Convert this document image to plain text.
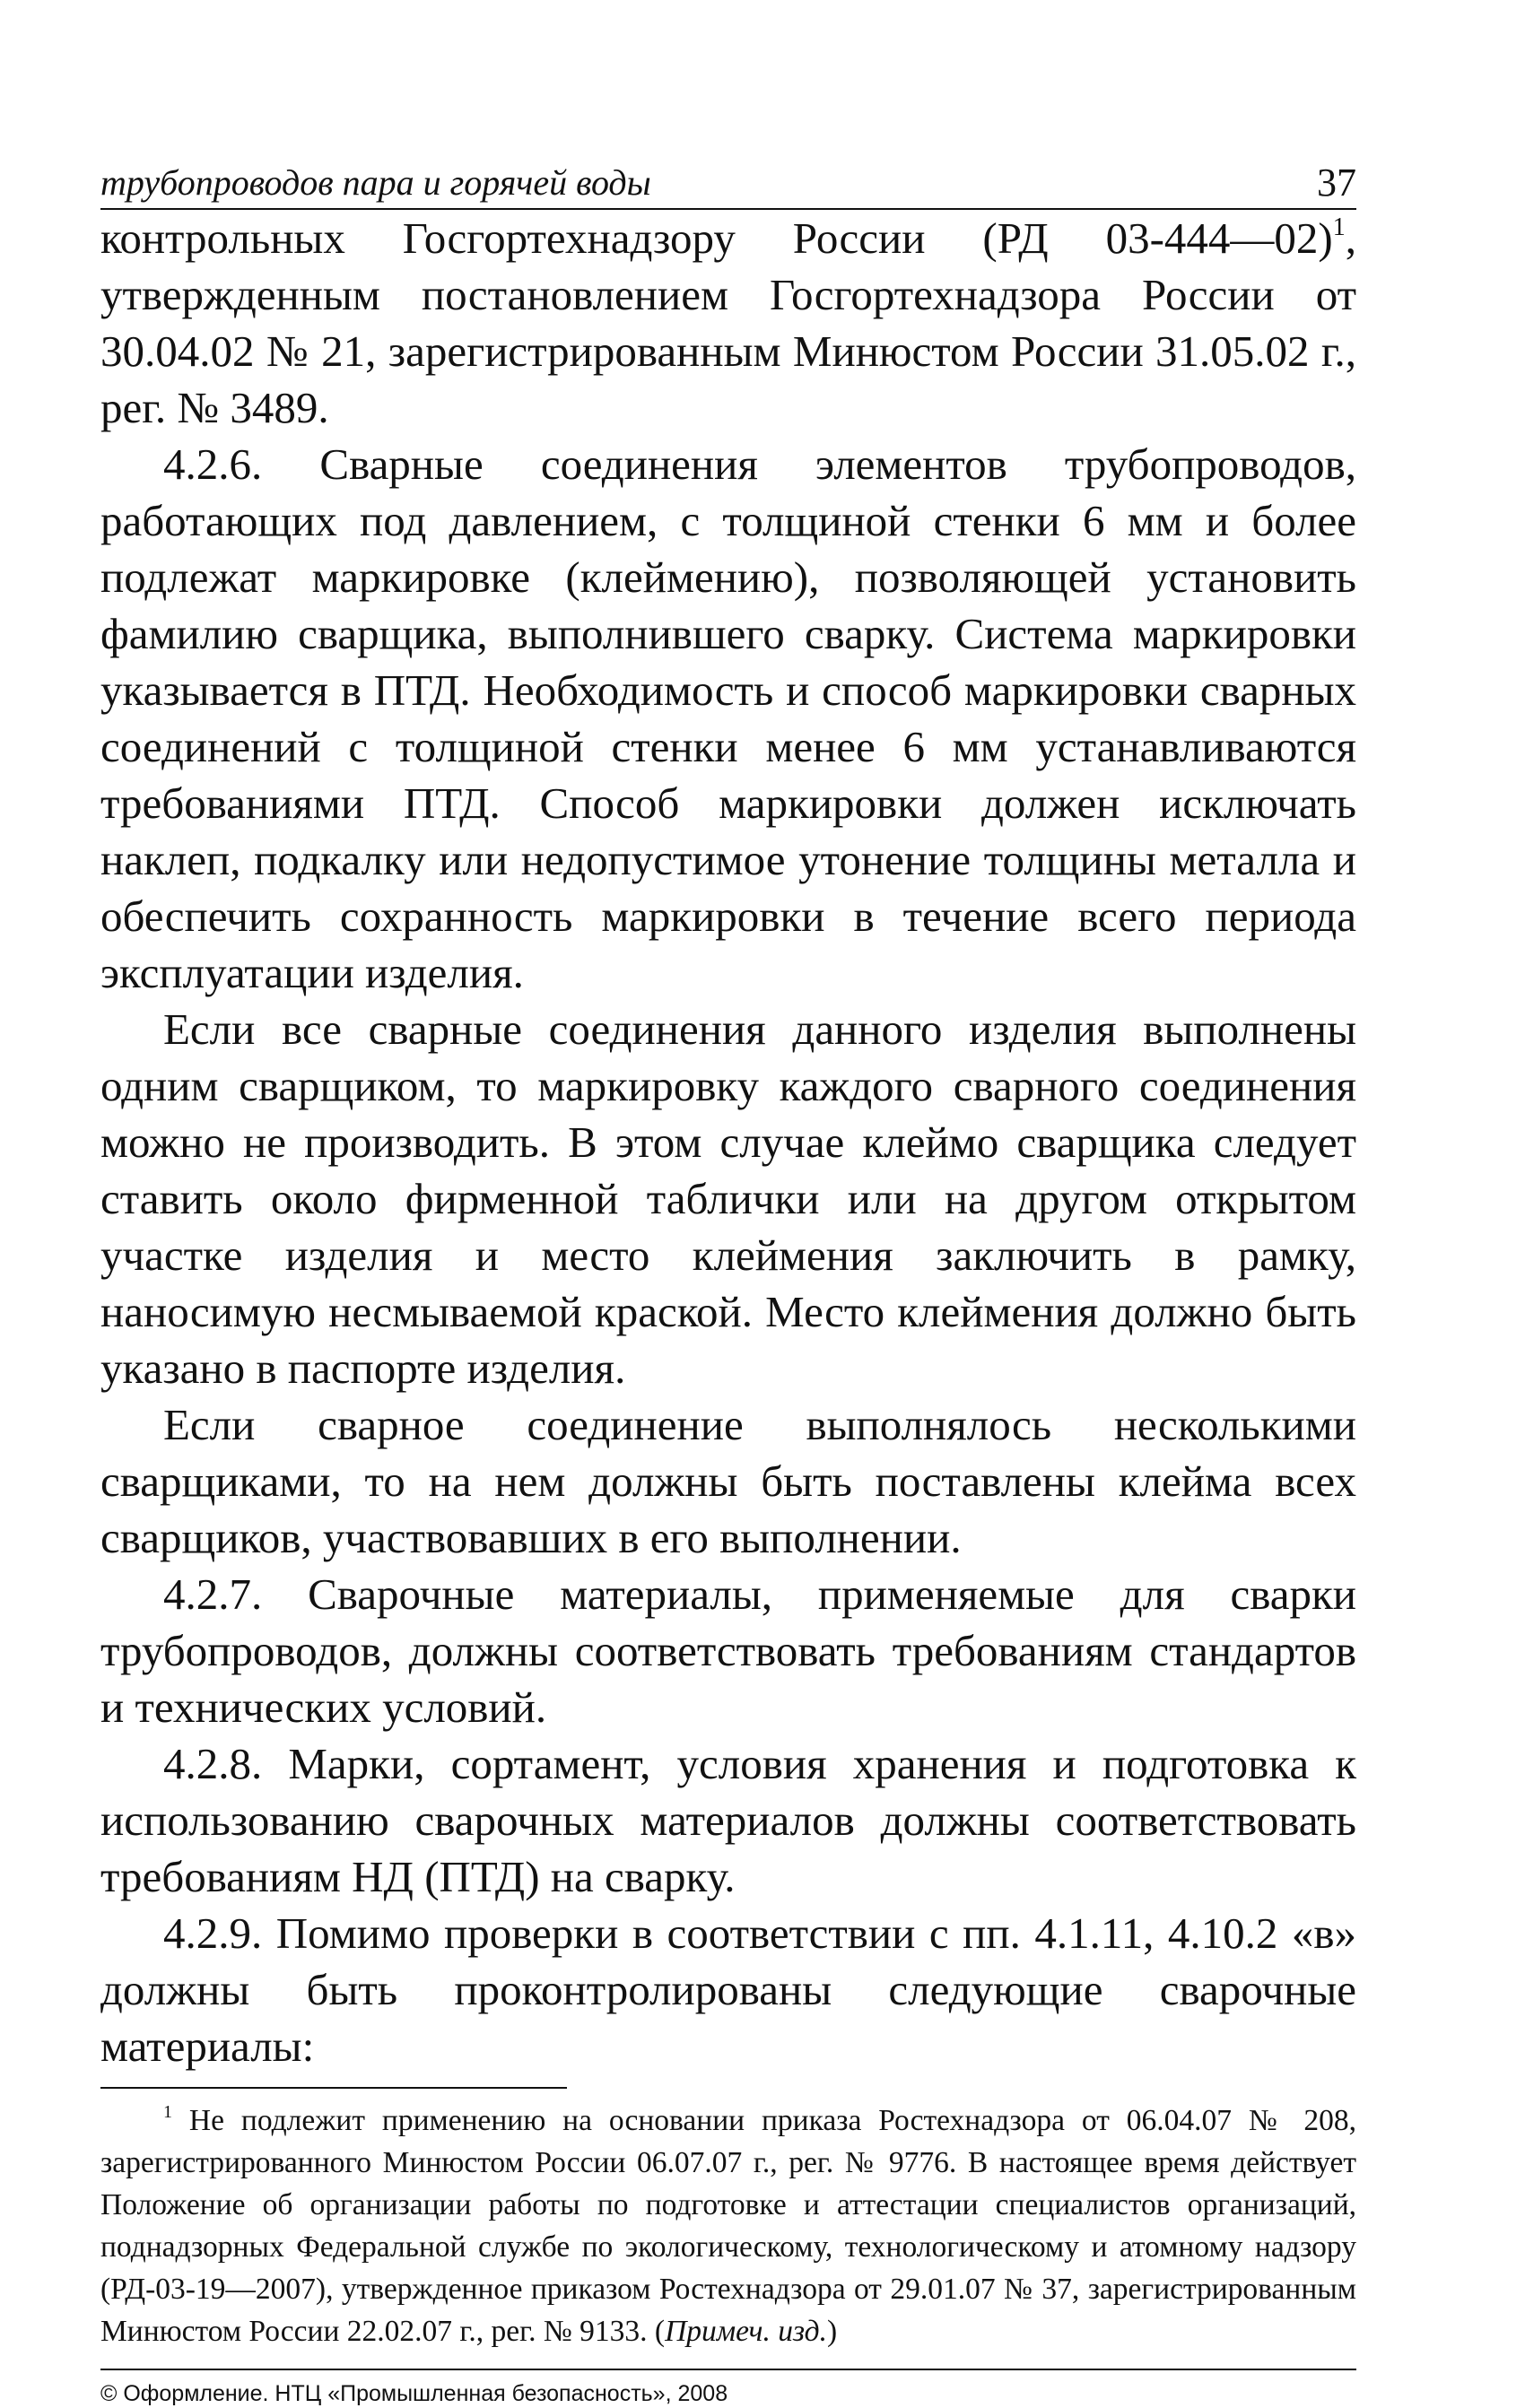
трубопроводов пара и горячей воды	37

контрольных Госгортехнадзору России (РД 03-444—02)$^1$, утвержденным постановлением Госгортехнадзора России от 30.04.02 № 21, зарегистрированным Минюстом России 31.05.02 г., рег. № 3489.

4.2.6. Сварные соединения элементов трубопроводов, работающих под давлением, с толщиной стенки 6 мм и более подлежат маркировке (клеймению), позволяющей установить фамилию сварщика, выполнившего сварку. Система маркировки указывается в ПТД. Необходимость и способ маркировки сварных соединений с толщиной стенки менее 6 мм устанавливаются требованиями ПТД. Способ маркировки должен исключать наклеп, подкалку или недопустимое утонение толщины металла и обеспечить сохранность маркировки в течение всего периода эксплуатации изделия.

Если все сварные соединения данного изделия выполнены одним сварщиком, то маркировку каждого сварного соединения можно не производить. В этом случае клеймо сварщика следует ставить около фирменной таблички или на другом открытом участке изделия и место клеймения заключить в рамку, наносимую несмываемой краской. Место клеймения должно быть указано в паспорте изделия.

Если сварное соединение выполнялось несколькими сварщиками, то на нем должны быть поставлены клейма всех сварщиков, участвовавших в его выполнении.

4.2.7. Сварочные материалы, применяемые для сварки трубопроводов, должны соответствовать требованиям стандартов и технических условий.

4.2.8. Марки, сортамент, условия хранения и подготовка к использованию сварочных материалов должны соответствовать требованиям НД (ПТД) на сварку.

4.2.9. Помимо проверки в соответствии с пп. 4.1.11, 4.10.2 «в» должны быть проконтролированы следующие сварочные материалы:

$^1$ Не подлежит применению на основании приказа Ростехнадзора от 06.04.07 № 208, зарегистрированного Минюстом России 06.07.07 г., рег. № 9776. В настоящее время действует Положение об организации работы по подготовке и аттестации специалистов организаций, поднадзорных Федеральной службе по экологическому, технологическому и атомному надзору (РД-03-19—2007), утвержденное приказом Ростехнадзора от 29.01.07 № 37, зарегистрированным Минюстом России 22.02.07 г., рег. № 9133. (Примеч. изд.)
© Оформление. НТЦ «Промышленная безопасность», 2008
